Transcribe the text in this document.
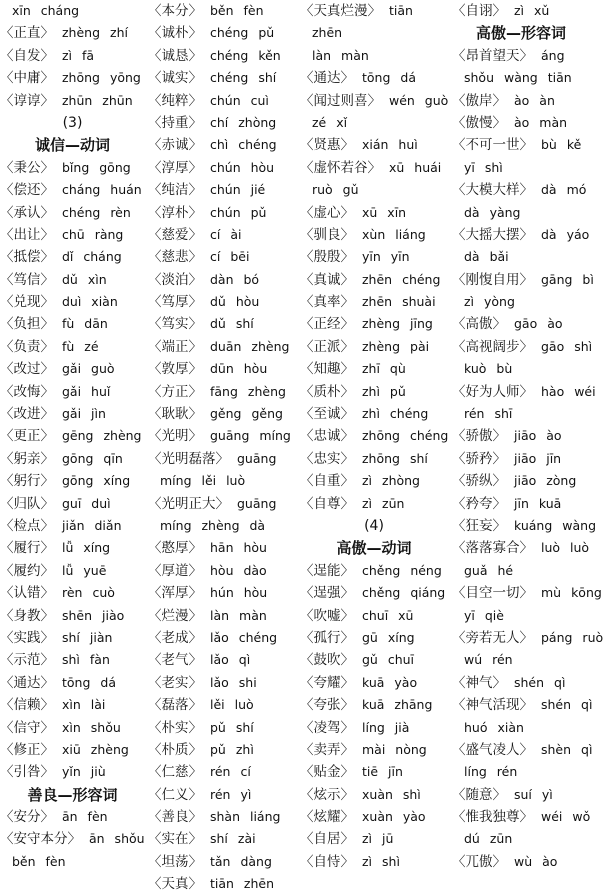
xīn cháng
〈正直〉 zhèng zhí
〈自发〉 zì fā
〈中庸〉 zhōng yōng
〈谆谆〉 zhūn zhūn
(3)
诚信—动词
〈秉公〉 bǐng gōng
〈偿还〉 cháng huán
〈承认〉 chéng rèn
〈出让〉 chū ràng
〈抵偿〉 dǐ cháng
〈笃信〉 dǔ xìn
〈兑现〉 duì xiàn
〈负担〉 fù dān
〈负责〉 fù zé
〈改过〉 gǎi guò
〈改悔〉 gǎi huǐ
〈改进〉 gǎi jìn
〈更正〉 gēng zhèng
〈躬亲〉 gōng qīn
〈躬行〉 gōng xíng
〈归队〉 guī duì
〈检点〉 jiǎn diǎn
〈履行〉 lǚ xíng
〈履约〉 lǚ yuē
〈认错〉 rèn cuò
〈身教〉 shēn jiào
〈实践〉 shí jiàn
〈示范〉 shì fàn
〈通达〉 tōng dá
〈信赖〉 xìn lài
〈信守〉 xìn shǒu
〈修正〉 xiū zhèng
〈引咎〉 yǐn jiù
善良—形容词
〈安分〉 ān fèn
〈安守本分〉 ān shǒu
běn fèn
〈本分〉 běn fèn
〈诚朴〉 chéng pǔ
〈诚恳〉 chéng kěn
〈诚实〉 chéng shí
〈纯粹〉 chún cuì
〈持重〉 chí zhòng
〈赤诚〉 chì chéng
〈淳厚〉 chún hòu
〈纯洁〉 chún jié
〈淳朴〉 chún pǔ
〈慈爱〉 cí ài
〈慈悲〉 cí bēi
〈淡泊〉 dàn bó
〈笃厚〉 dǔ hòu
〈笃实〉 dǔ shí
〈端正〉 duān zhèng
〈敦厚〉 dūn hòu
〈方正〉 fāng zhèng
〈耿耿〉 gěng gěng
〈光明〉 guāng míng
〈光明磊落〉 guāng
míng lěi luò
〈光明正大〉 guāng
míng zhèng dà
〈憨厚〉 hān hòu
〈厚道〉 hòu dào
〈浑厚〉 hún hòu
〈烂漫〉 làn màn
〈老成〉 lǎo chéng
〈老气〉 lǎo qì
〈老实〉 lǎo shi
〈磊落〉 lěi luò
〈朴实〉 pǔ shí
〈朴质〉 pǔ zhì
〈仁慈〉 rén cí
〈仁义〉 rén yì
〈善良〉 shàn liáng
〈实在〉 shí zài
〈坦荡〉 tǎn dàng
〈天真〉 tiān zhēn
〈天真烂漫〉 tiān
zhēn
làn màn
〈通达〉 tōng dá
〈闻过则喜〉 wén guò
zé xǐ
〈贤惠〉 xián huì
〈虚怀若谷〉 xū huái
ruò gǔ
〈虚心〉 xū xīn
〈驯良〉 xùn liáng
〈殷殷〉 yīn yīn
〈真诚〉 zhēn chéng
〈真率〉 zhēn shuài
〈正经〉 zhèng jīng
〈正派〉 zhèng pài
〈知趣〉 zhī qù
〈质朴〉 zhì pǔ
〈至诚〉 zhì chéng
〈忠诚〉 zhōng chéng
〈忠实〉 zhōng shí
〈自重〉 zì zhòng
〈自尊〉 zì zūn
(4)
高傲—动词
〈逞能〉 chěng néng
〈逞强〉 chěng qiáng
〈吹嘘〉 chuī xū
〈孤行〉 gū xíng
〈鼓吹〉 gǔ chuī
〈夸耀〉 kuā yào
〈夸张〉 kuā zhāng
〈凌驾〉 líng jià
〈卖弄〉 mài nòng
〈贴金〉 tiē jīn
〈炫示〉 xuàn shì
〈炫耀〉 xuàn yào
〈自居〉 zì jū
〈自恃〉 zì shì
〈自诩〉 zì xǔ
高傲—形容词
〈昂首望天〉 áng
shǒu wàng tiān
〈傲岸〉 ào àn
〈傲慢〉 ào màn
〈不可一世〉 bù kě
yī shì
〈大模大样〉 dà mó
dà yàng
〈大摇大摆〉 dà yáo
dà bǎi
〈刚愎自用〉 gāng bì
zì yòng
〈高傲〉 gāo ào
〈高视阔步〉 gāo shì
kuò bù
〈好为人师〉 hào wéi
rén shī
〈骄傲〉 jiāo ào
〈骄矜〉 jiāo jīn
〈骄纵〉 jiāo zòng
〈矜夸〉 jīn kuā
〈狂妄〉 kuáng wàng
〈落落寡合〉 luò luò
guǎ hé
〈目空一切〉 mù kōng
yī qiè
〈旁若无人〉 páng ruò
wú rén
〈神气〉 shén qì
〈神气活现〉 shén qì
huó xiàn
〈盛气凌人〉 shèn qì
líng rén
〈随意〉 suí yì
〈惟我独尊〉 wéi wǒ
dú zūn
〈兀傲〉 wù ào
